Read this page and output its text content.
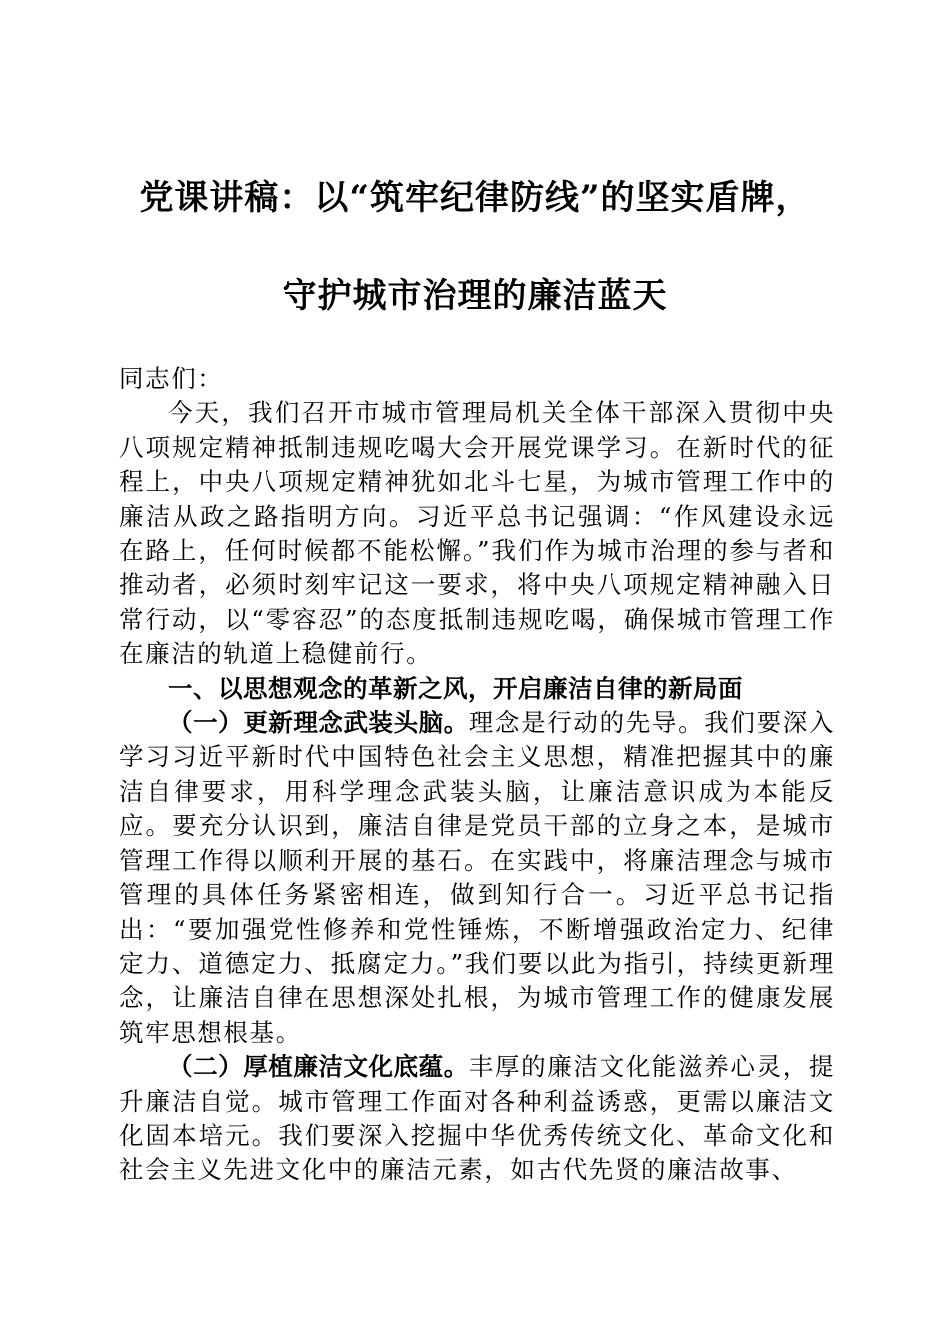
党课讲稿：以“筑牢纪律防线”的坚实盾牌，
守护城市治理的廉洁蓝天

同志们：

今天，我们召开市城市管理局机关全体干部深入贯彻中央八项规定精神抵制违规吃喝大会开展党课学习。在新时代的征程上，中央八项规定精神犹如北斗七星，为城市管理工作中的廉洁从政之路指明方向。习近平总书记强调：“作风建设永远在路上，任何时候都不能松懈。”我们作为城市治理的参与者和推动者，必须时刻牢记这一要求，将中央八项规定精神融入日常行动，以“零容忍”的态度抵制违规吃喝，确保城市管理工作在廉洁的轨道上稳健前行。

一、以思想观念的革新之风，开启廉洁自律的新局面

（一）更新理念武装头脑。理念是行动的先导。我们要深入学习习近平新时代中国特色社会主义思想，精准把握其中的廉洁自律要求，用科学理念武装头脑，让廉洁意识成为本能反应。要充分认识到，廉洁自律是党员干部的立身之本，是城市管理工作得以顺利开展的基石。在实践中，将廉洁理念与城市管理的具体任务紧密相连，做到知行合一。习近平总书记指出：“要加强党性修养和党性锤炼，不断增强政治定力、纪律定力、道德定力、抵腐定力。”我们要以此为指引，持续更新理念，让廉洁自律在思想深处扎根，为城市管理工作的健康发展筑牢思想根基。

（二）厚植廉洁文化底蕴。丰厚的廉洁文化能滋养心灵，提升廉洁自觉。城市管理工作面对各种利益诱惑，更需以廉洁文化固本培元。我们要深入挖掘中华优秀传统文化、革命文化和社会主义先进文化中的廉洁元素，如古代先贤的廉洁故事、
